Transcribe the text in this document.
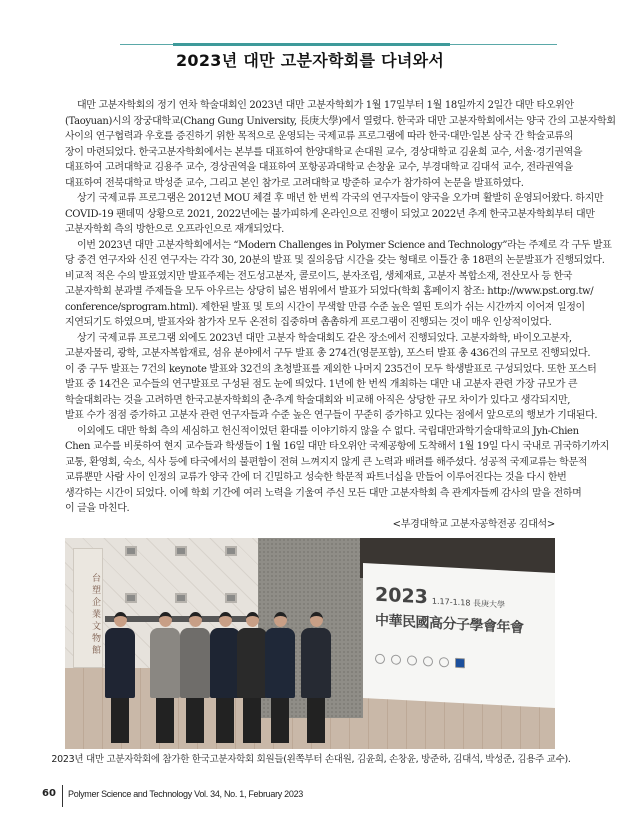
2023년 대만 고분자학회를 다녀와서
대만 고분자학회의 정기 연차 학술대회인 2023년 대만 고분자학회가 1월 17일부터 1월 18일까지 2일간 대만 타오위안
(Taoyuan)시의 장궁대학교(Chang Gung University, 長庚大學)에서 열렸다. 한국과 대만 고분자학회에서는 양국 간의 고분자학회
사이의 연구협력과 우호를 증진하기 위한 목적으로 운영되는 국제교류 프로그램에 따라 한국·대만·일본 삼국 간 학술교류의
장이 마련되었다. 한국고분자학회에서는 본부를 대표하여 한양대학교 손대원 교수, 경상대학교 김윤희 교수, 서울·경기권역을
대표하여 고려대학교 김용주 교수, 경상권역을 대표하여 포항공과대학교 손창윤 교수, 부경대학교 김대석 교수, 전라권역을
대표하여 전북대학교 박성준 교수, 그리고 본인 참가로 고려대학교 방준하 교수가 참가하여 논문을 발표하였다.
상기 국제교류 프로그램은 2012년 MOU 체결 후 매년 한 번씩 각국의 연구자들이 양국을 오가며 활발히 운영되어왔다. 하지만
COVID-19 팬데믹 상황으로 2021, 2022년에는 불가피하게 온라인으로 진행이 되었고 2022년 추계 한국고분자학회부터 대만
고분자학회 측의 방한으로 오프라인으로 재개되었다.
이번 2023년 대만 고분자학회에서는 “Modern Challenges in Polymer Science and Technology”라는 주제로 각 구두 발표
당 중견 연구자와 신진 연구자는 각각 30, 20분의 발표 및 질의응답 시간을 갖는 형태로 이틀간 총 18편의 논문발표가 진행되었다.
비교적 적은 수의 발표였지만 발표주제는 전도성고분자, 콜로이드, 분자조립, 생체재료, 고분자 복합소재, 전산모사 등 한국
고분자학회 분과별 주제들을 모두 아우르는 상당히 넓은 범위에서 발표가 되었다(학회 홈페이지 참조: http://www.pst.org.tw/
conference/sprogram.html). 제한된 발표 및 토의 시간이 무색할 만큼 수준 높은 열띤 토의가 쉬는 시간까지 이어져 일정이
지연되기도 하였으며, 발표자와 참가자 모두 온전히 집중하며 촘촘하게 프로그램이 진행되는 것이 매우 인상적이었다.
상기 국제교류 프로그램 외에도 2023년 대만 고분자 학술대회도 같은 장소에서 진행되었다. 고분자화학, 바이오고분자,
고분자물리, 광학, 고분자복합재료, 섬유 분야에서 구두 발표 총 274건(영문포함), 포스터 발표 총 436건의 규모로 진행되었다.
이 중 구두 발표는 7건의 keynote 발표와 32건의 초청발표를 제외한 나머지 235건이 모두 학생발표로 구성되었다. 또한 포스터
발표 중 14건은 교수들의 연구발표로 구성된 점도 눈에 띄었다. 1년에 한 번씩 개최하는 대만 내 고분자 관련 가장 규모가 큰
학술대회라는 것을 고려하면 한국고분자학회의 춘·추계 학술대회와 비교해 아직은 상당한 규모 차이가 있다고 생각되지만,
발표 수가 점점 증가하고 고분자 관련 연구자들과 수준 높은 연구들이 꾸준히 증가하고 있다는 점에서 앞으로의 행보가 기대된다.
이외에도 대만 학회 측의 세심하고 헌신적이었던 환대를 이야기하지 않을 수 없다. 국립대만과학기술대학교의 Jyh-Chien
Chen 교수를 비롯하여 현지 교수들과 학생들이 1월 16일 대만 타오위안 국제공항에 도착해서 1월 19일 다시 국내로 귀국하기까지
교통, 환영회, 숙소, 식사 등에 타국에서의 불편함이 전혀 느껴지지 않게 큰 노력과 배려를 해주셨다. 성공적 국제교류는 학문적
교류뿐만 사람 사이 인정의 교류가 양국 간에 더 긴밀하고 성숙한 학문적 파트너십을 만들어 이루어진다는 것을 다시 한번
생각하는 시간이 되었다. 이에 학회 기간에 여러 노력을 기울여 주신 모든 대만 고분자학회 측 관계자들께 감사의 말을 전하며
이 글을 마친다.
<부경대학교 고분자공학전공 김대석>
台塑企業文物館	2023 1.17-1.18 長庚大學
中華民國高分子學會年會
2023년 대만 고분자학회에 참가한 한국고분자학회 회원들(왼쪽부터 손대원, 김윤희, 손창윤, 방준하, 김대석, 박성준, 김용주 교수).
60 Polymer Science and Technology Vol. 34, No. 1, February 2023
